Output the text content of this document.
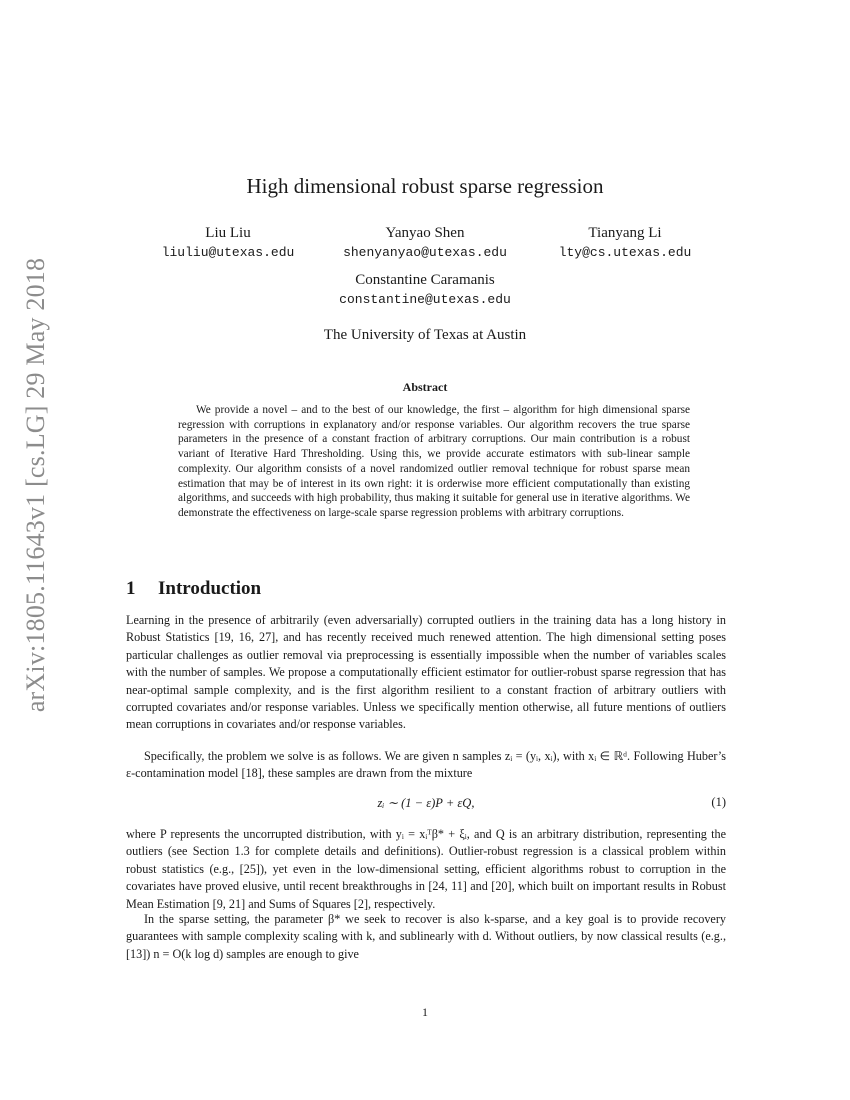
arXiv:1805.11643v1 [cs.LG] 29 May 2018
High dimensional robust sparse regression
Liu Liu
liuliu@utexas.edu
Yanyao Shen
shenyanyao@utexas.edu
Tianyang Li
lty@cs.utexas.edu
Constantine Caramanis
constantine@utexas.edu
The University of Texas at Austin
Abstract

We provide a novel – and to the best of our knowledge, the first – algorithm for high dimensional sparse regression with corruptions in explanatory and/or response variables. Our algorithm recovers the true sparse parameters in the presence of a constant fraction of arbitrary corruptions. Our main contribution is a robust variant of Iterative Hard Thresholding. Using this, we provide accurate estimators with sub-linear sample complexity. Our algorithm consists of a novel randomized outlier removal technique for robust sparse mean estimation that may be of interest in its own right: it is orderwise more efficient computationally than existing algorithms, and succeeds with high probability, thus making it suitable for general use in iterative algorithms. We demonstrate the effectiveness on large-scale sparse regression problems with arbitrary corruptions.

1 Introduction

Learning in the presence of arbitrarily (even adversarially) corrupted outliers in the training data has a long history in Robust Statistics [19, 16, 27], and has recently received much renewed attention. The high dimensional setting poses particular challenges as outlier removal via preprocessing is essentially impossible when the number of variables scales with the number of samples. We propose a computationally efficient estimator for outlier-robust sparse regression that has near-optimal sample complexity, and is the first algorithm resilient to a constant fraction of arbitrary outliers with corrupted covariates and/or response variables. Unless we specifically mention otherwise, all future mentions of outliers mean corruptions in covariates and/or response variables.

Specifically, the problem we solve is as follows. We are given n samples zᵢ = (yᵢ, xᵢ), with xᵢ ∈ ℝᵈ. Following Huber’s ε-contamination model [18], these samples are drawn from the mixture

zᵢ ∼ (1 − ε)P + εQ,	(1)

where P represents the uncorrupted distribution, with yᵢ = xᵢᵀβ* + ξᵢ, and Q is an arbitrary distribution, representing the outliers (see Section 1.3 for complete details and definitions). Outlier-robust regression is a classical problem within robust statistics (e.g., [25]), yet even in the low-dimensional setting, efficient algorithms robust to corruption in the covariates have proved elusive, until recent breakthroughs in [24, 11] and [20], which built on important results in Robust Mean Estimation [9, 21] and Sums of Squares [2], respectively.

In the sparse setting, the parameter β* we seek to recover is also k-sparse, and a key goal is to provide recovery guarantees with sample complexity scaling with k, and sublinearly with d. Without outliers, by now classical results (e.g., [13]) n = O(k log d) samples are enough to give

1
